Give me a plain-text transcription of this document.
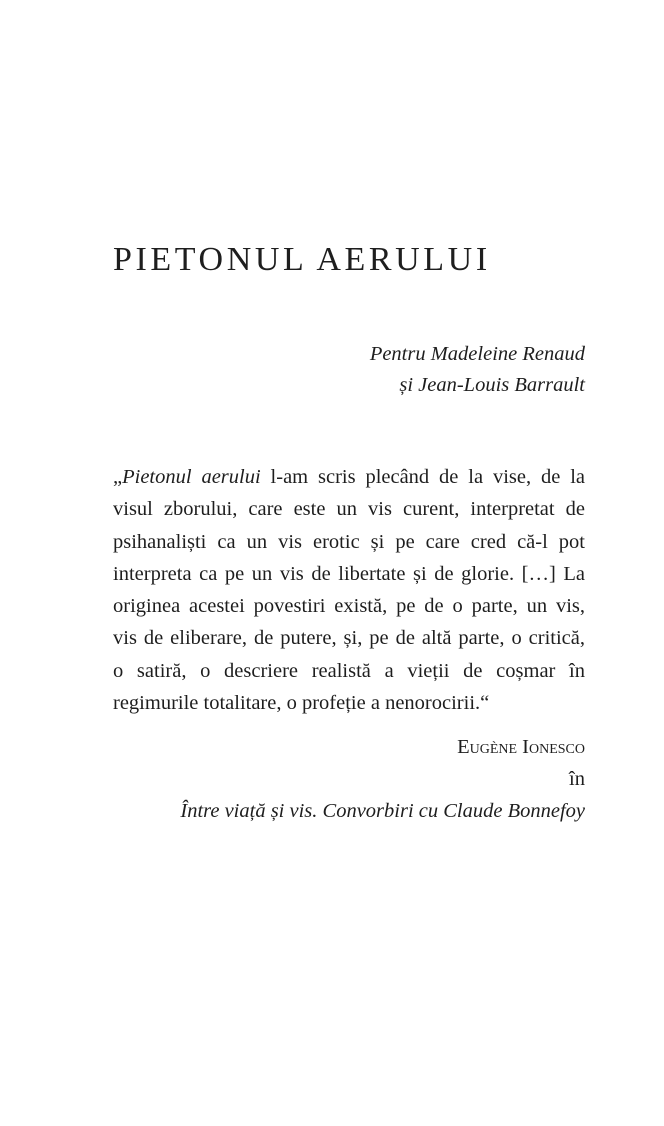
PIETONUL AERULUI
Pentru Madeleine Renaud
și Jean-Louis Barrault

„Pietonul aerului l-am scris plecând de la vise, de la
visul zborului, care este un vis curent, interpretat de
psihanaliști ca un vis erotic și pe care cred că-l pot
interpreta ca pe un vis de libertate și de glorie. […] La
originea acestei povestiri există, pe de o parte, un vis,
vis de eliberare, de putere, și, pe de altă parte, o critică,
o satiră, o descriere realistă a vieții de coșmar în
regimurile totalitare, o profeție a nenorocirii.“

Eugène Ionesco
în
Între viață și vis. Convorbiri cu Claude Bonnefoy
